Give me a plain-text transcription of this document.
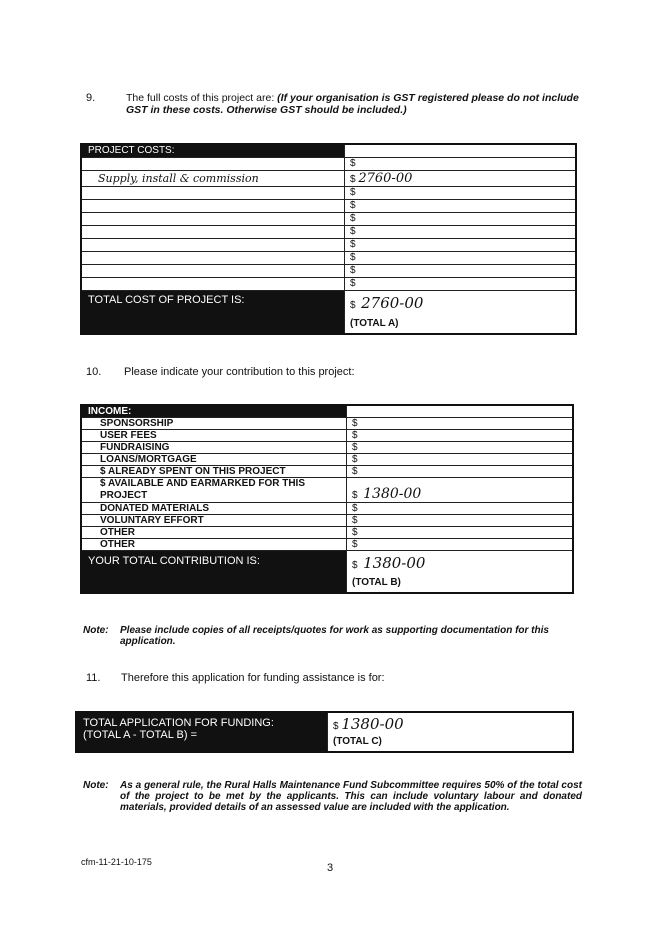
9.	The full costs of this project are: (If your organisation is GST registered please do not include GST in these costs. Otherwise GST should be included.)
PROJECT COSTS:	
	$
Supply, install & commission	$ 2760-00
	$
	$
	$
	$
	$
	$
	$
	$
TOTAL COST OF PROJECT IS:	$ 2760-00
(TOTAL A)
10. Please indicate your contribution to this project:
INCOME:	
SPONSORSHIP	$
USER FEES	$
FUNDRAISING	$
LOANS/MORTGAGE	$
$ ALREADY SPENT ON THIS PROJECT	$
$ AVAILABLE AND EARMARKED FOR THIS PROJECT	$ 1380-00
DONATED MATERIALS	$
VOLUNTARY EFFORT	$
OTHER	$
OTHER	$
YOUR TOTAL CONTRIBUTION IS:	$ 1380-00
(TOTAL B)
Note: Please include copies of all receipts/quotes for work as supporting documentation for this application.
11. Therefore this application for funding assistance is for:
TOTAL APPLICATION FOR FUNDING:
(TOTAL A - TOTAL B) =
	$ 1380-00
(TOTAL C)
Note: As a general rule, the Rural Halls Maintenance Fund Subcommittee requires 50% of the total cost of the project to be met by the applicants. This can include voluntary labour and donated materials, provided details of an assessed value are included with the application.
cfm-11-21-10-175	3
